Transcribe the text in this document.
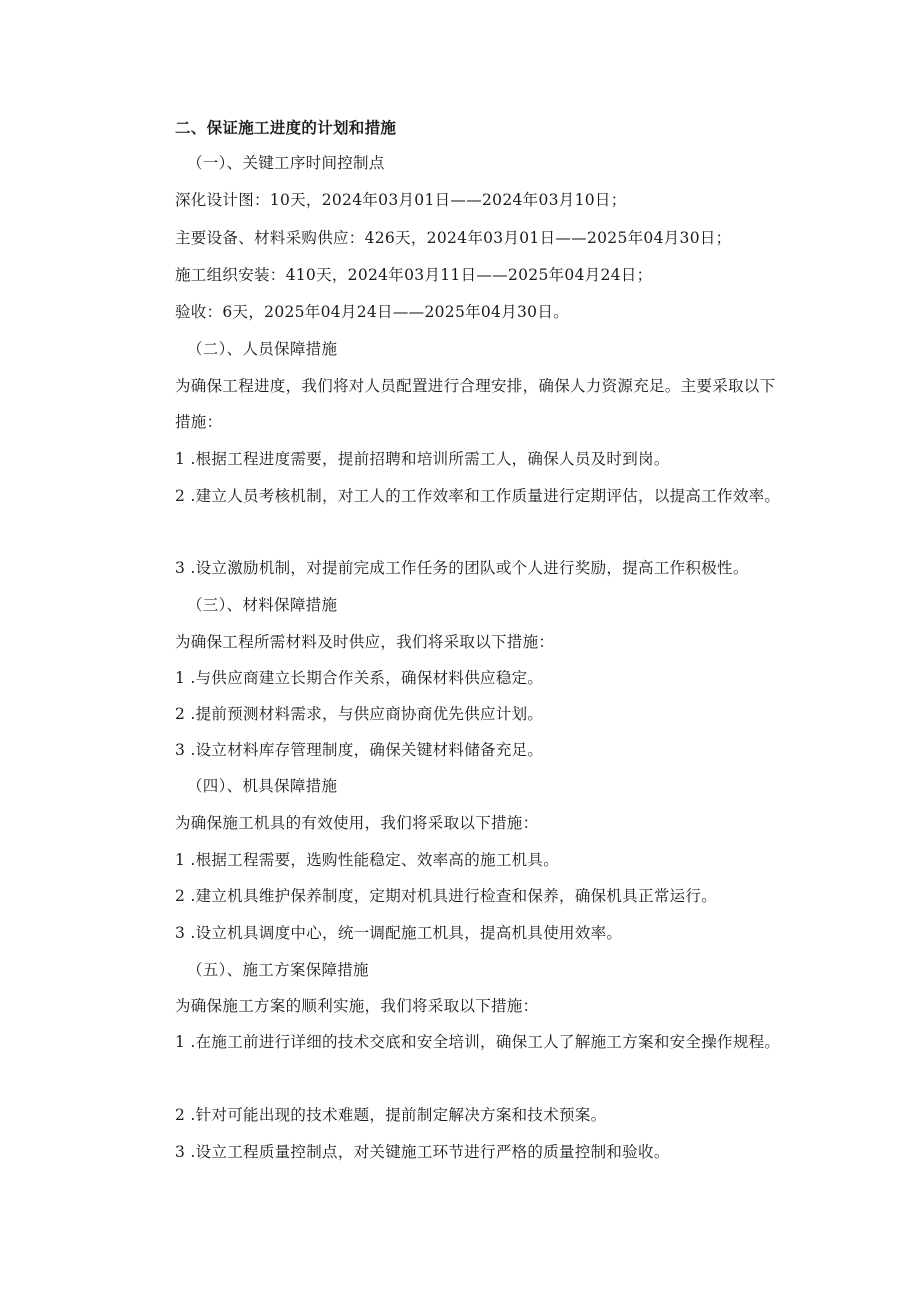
二、保证施工进度的计划和措施
（一）、关键工序时间控制点
深化设计图：10天，2024年03月01日——2024年03月10日；
主要设备、材料采购供应：426天，2024年03月01日——2025年04月30日；
施工组织安装：410天，2024年03月11日——2025年04月24日；
验收：6天，2025年04月24日——2025年04月30日。
（二）、人员保障措施
为确保工程进度，我们将对人员配置进行合理安排，确保人力资源充足。主要采取以下措施：
1 .根据工程进度需要，提前招聘和培训所需工人，确保人员及时到岗。
2 .建立人员考核机制，对工人的工作效率和工作质量进行定期评估，以提高工作效率。
3 .设立激励机制，对提前完成工作任务的团队或个人进行奖励，提高工作积极性。
（三）、材料保障措施
为确保工程所需材料及时供应，我们将采取以下措施：
1 .与供应商建立长期合作关系，确保材料供应稳定。
2 .提前预测材料需求，与供应商协商优先供应计划。
3 .设立材料库存管理制度，确保关键材料储备充足。
（四）、机具保障措施
为确保施工机具的有效使用，我们将采取以下措施：
1 .根据工程需要，选购性能稳定、效率高的施工机具。
2 .建立机具维护保养制度，定期对机具进行检查和保养，确保机具正常运行。
3 .设立机具调度中心，统一调配施工机具，提高机具使用效率。
（五）、施工方案保障措施
为确保施工方案的顺利实施，我们将采取以下措施：
1 .在施工前进行详细的技术交底和安全培训，确保工人了解施工方案和安全操作规程。
2 .针对可能出现的技术难题，提前制定解决方案和技术预案。
3 .设立工程质量控制点，对关键施工环节进行严格的质量控制和验收。
